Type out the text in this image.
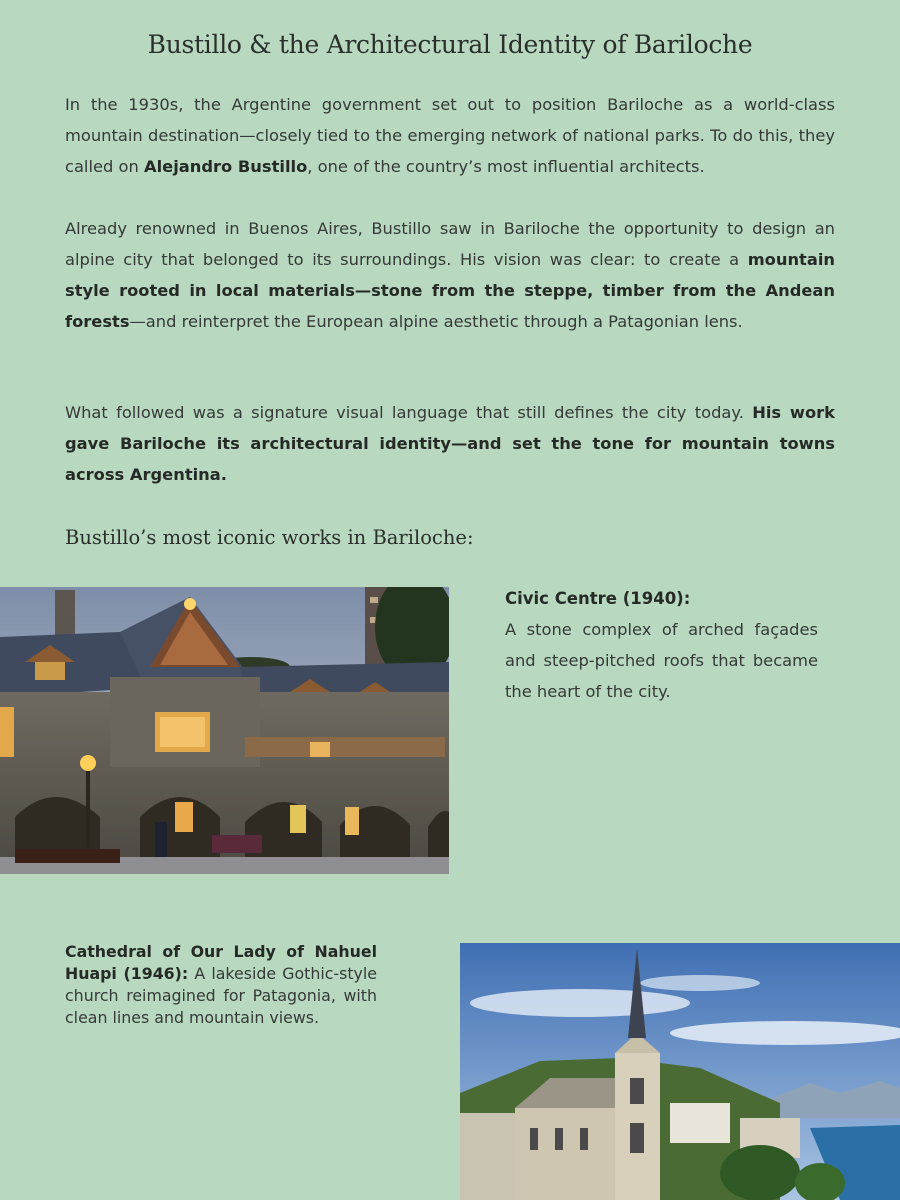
Bustillo & the Architectural Identity of Bariloche

In the 1930s, the Argentine government set out to position Bariloche as a world-class mountain destination—closely tied to the emerging network of national parks. To do this, they called on Alejandro Bustillo, one of the country’s most influential architects.

Already renowned in Buenos Aires, Bustillo saw in Bariloche the opportunity to design an alpine city that belonged to its surroundings. His vision was clear: to create a mountain style rooted in local materials—stone from the steppe, timber from the Andean forests—and reinterpret the European alpine aesthetic through a Patagonian lens.

What followed was a signature visual language that still defines the city today. His work gave Bariloche its architectural identity—and set the tone for mountain towns across Argentina.

Bustillo’s most iconic works in Bariloche:
Civic Centre (1940):
A stone complex of arched façades and steep-pitched roofs that became the heart of the city.
Cathedral of Our Lady of Nahuel Huapi (1946): A lakeside Gothic-style church reimagined for Patagonia, with clean lines and mountain views.
